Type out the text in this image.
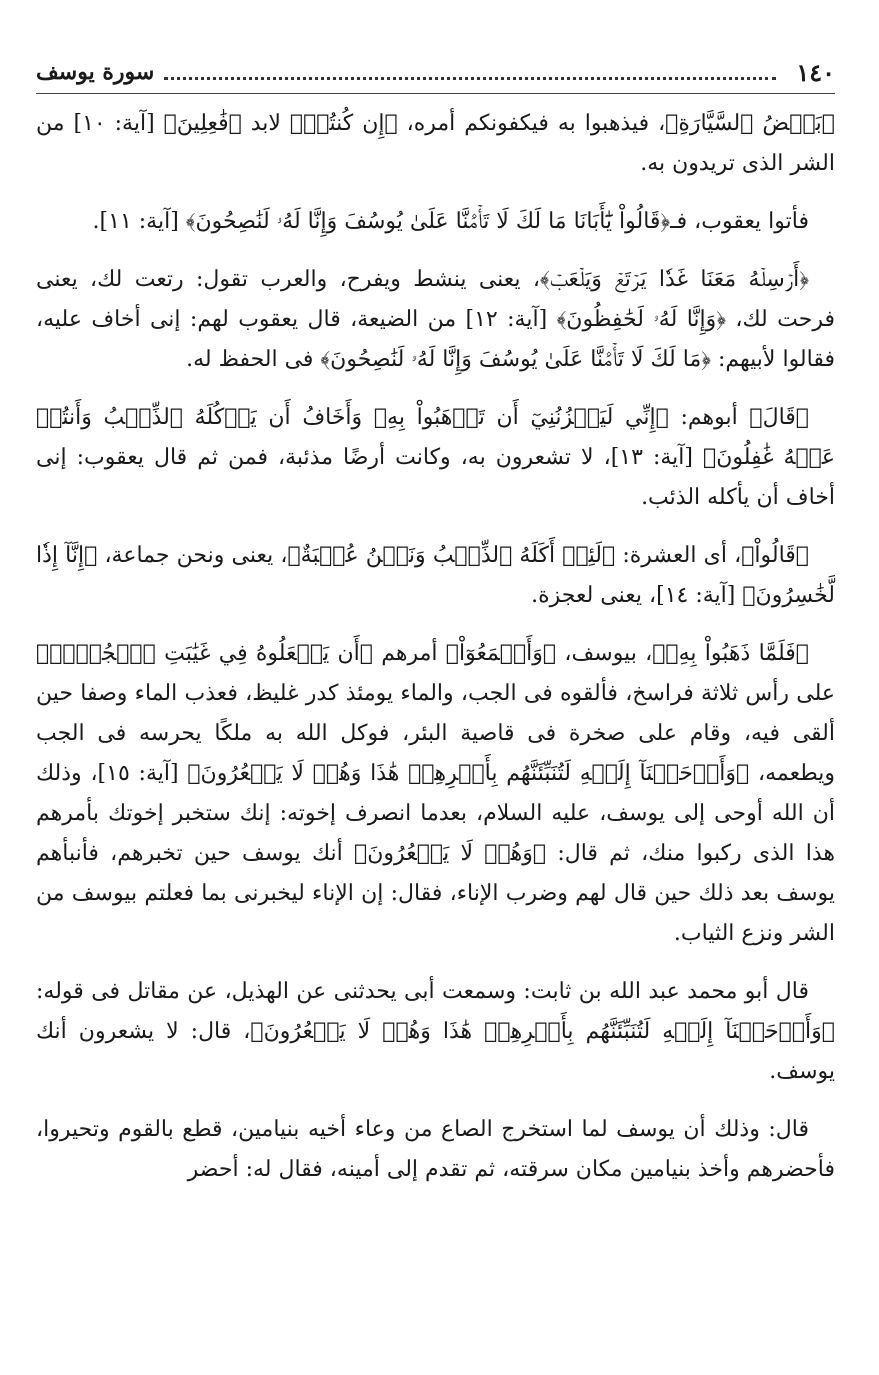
١٤٠
سورة يوسف

﴿بَعۡضُ ٱلسَّيَّارَةِ﴾، فيذهبوا به فيكفونكم أمره، ﴿إِن كُنتُمۡ﴾ لابد ﴿فَٰعِلِينَ﴾ [آية: ١٠] من الشر الذى تريدون به.

فأتوا يعقوب، فـ﴿قَالُواْ يَٰٓأَبَانَا مَا لَكَ لَا تَأۡمَ۫نَّا عَلَىٰ يُوسُفَ وَإِنَّا لَهُۥ لَنَٰصِحُونَ﴾ [آية: ١١].

﴿أَرۡسِلۡهُ مَعَنَا غَدٗا يَرۡتَعۡ وَيَلۡعَبۡ﴾، يعنى ينشط ويفرح، والعرب تقول: رتعت لك، يعنى فرحت لك، ﴿وَإِنَّا لَهُۥ لَحَٰفِظُونَ﴾ [آية: ١٢] من الضيعة، قال يعقوب لهم: إنى أخاف عليه، فقالوا لأبيهم: ﴿مَا لَكَ لَا تَأۡمَ۫نَّا عَلَىٰ يُوسُفَ وَإِنَّا لَهُۥ لَنَٰصِحُونَ﴾ فى الحفظ له.

﴿قَالَ﴾ أبوهم: ﴿إِنِّي لَيَحۡزُنُنِيٓ أَن تَذۡهَبُواْ بِهِۦ وَأَخَافُ أَن يَأۡكُلَهُ ٱلذِّئۡبُ وَأَنتُمۡ عَنۡهُ غَٰفِلُونَ﴾ [آية: ١٣]، لا تشعرون به، وكانت أرضًا مذئبة، فمن ثم قال يعقوب: إنى أخاف أن يأكله الذئب.

﴿قَالُواْ﴾، أى العشرة: ﴿لَئِنۡ أَكَلَهُ ٱلذِّئۡبُ وَنَحۡنُ عُصۡبَةٌ﴾، يعنى ونحن جماعة، ﴿إِنَّآ إِذٗا لَّخَٰسِرُونَ﴾ [آية: ١٤]، يعنى لعجزة.

﴿فَلَمَّا ذَهَبُواْ بِهِۦ﴾، بيوسف، ﴿وَأَجۡمَعُوٓاْ﴾ أمرهم ﴿أَن يَجۡعَلُوهُ فِي غَيَٰبَتِ ٱلۡجُبِّۚ﴾ على رأس ثلاثة فراسخ، فألقوه فى الجب، والماء يومئذ كدر غليظ، فعذب الماء وصفا حين ألقى فيه، وقام على صخرة فى قاصية البئر، فوكل الله به ملكًا يحرسه فى الجب ويطعمه، ﴿وَأَوۡحَيۡنَآ إِلَيۡهِ لَتُنَبِّئَنَّهُم بِأَمۡرِهِمۡ هَٰذَا وَهُمۡ لَا يَشۡعُرُونَ﴾ [آية: ١٥]، وذلك أن الله أوحى إلى يوسف، عليه السلام، بعدما انصرف إخوته: إنك ستخبر إخوتك بأمرهم هذا الذى ركبوا منك، ثم قال: ﴿وَهُمۡ لَا يَشۡعُرُونَ﴾ أنك يوسف حين تخبرهم، فأنبأهم يوسف بعد ذلك حين قال لهم وضرب الإناء، فقال: إن الإناء ليخبرنى بما فعلتم بيوسف من الشر ونزع الثياب.

قال أبو محمد عبد الله بن ثابت: وسمعت أبى يحدثنى عن الهذيل، عن مقاتل فى قوله: ﴿وَأَوۡحَيۡنَآ إِلَيۡهِ لَتُنَبِّئَنَّهُم بِأَمۡرِهِمۡ هَٰذَا وَهُمۡ لَا يَشۡعُرُونَ﴾، قال: لا يشعرون أنك يوسف.

قال: وذلك أن يوسف لما استخرج الصاع من وعاء أخيه بنيامين، قطع بالقوم وتحيروا، فأحضرهم وأخذ بنيامين مكان سرقته، ثم تقدم إلى أمينه، فقال له: أحضر
